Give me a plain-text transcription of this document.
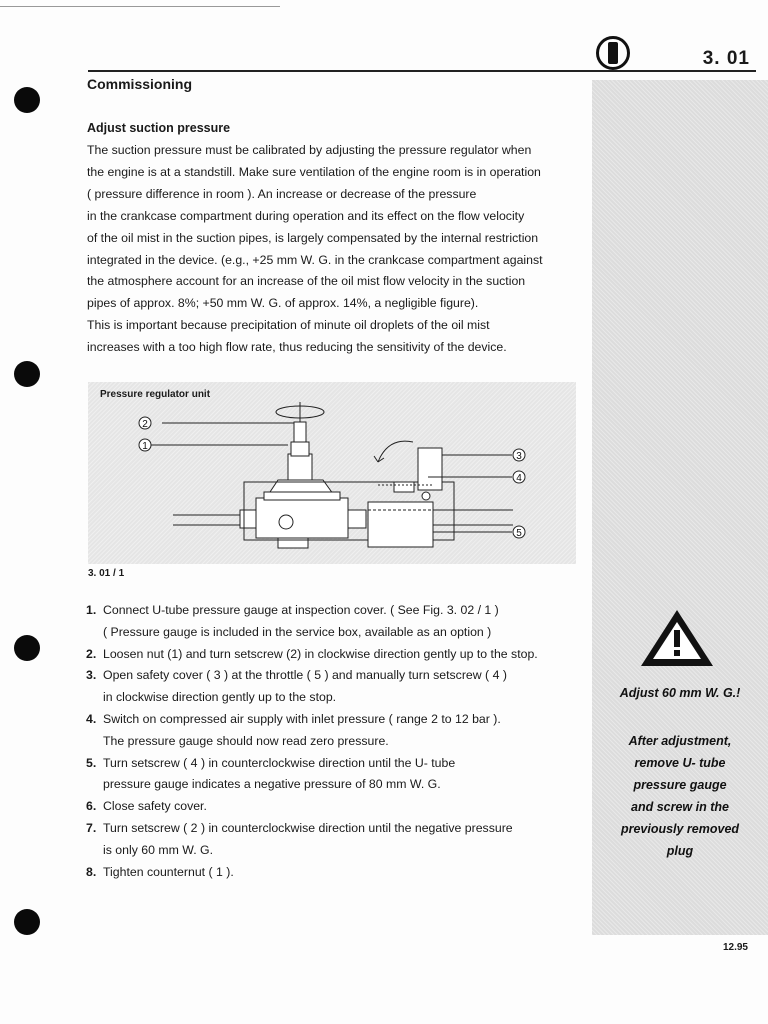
3. 01
Commissioning
Adjust suction pressure
The suction pressure must be calibrated by adjusting the pressure regulator when
the engine is at a standstill. Make sure ventilation of the engine room is in operation
( pressure difference in room ). An increase or decrease of the pressure
in the crankcase compartment during operation and its effect on the flow velocity
of the oil mist in the suction pipes, is largely compensated by the internal restriction
integrated in the device. (e.g., +25 mm W. G. in the crankcase compartment against
the atmosphere account for an increase of the oil mist flow velocity in the suction
pipes of approx. 8%; +50 mm W. G. of approx. 14%, a negligible figure).
This is important because precipitation of minute oil droplets of the oil mist
increases with a too high flow rate, thus reducing the sensitivity of the device.
2
1
3
4
5
Pressure regulator unit
3. 01 / 1
1. Connect U-tube pressure gauge at inspection cover. ( See Fig. 3. 02 / 1 )
( Pressure gauge is included in the service box, available as an option )
2. Loosen nut (1) and turn setscrew (2) in clockwise direction gently up to the stop.
3. Open safety cover ( 3 ) at the throttle ( 5 ) and manually turn setscrew ( 4 )
in clockwise direction gently up to the stop.
4. Switch on compressed air supply with inlet pressure ( range 2 to 12 bar ).
The pressure gauge should now read zero pressure.
5. Turn setscrew ( 4 ) in counterclockwise direction until the U- tube
pressure gauge indicates a negative pressure of 80 mm W. G.
6. Close safety cover.
7. Turn setscrew ( 2 ) in counterclockwise direction until the negative pressure
is only 60 mm W. G.
8. Tighten counternut ( 1 ).
Adjust 60 mm W. G.!
After adjustment,
remove U- tube
pressure gauge
and screw in the
previously removed
plug
12.95
